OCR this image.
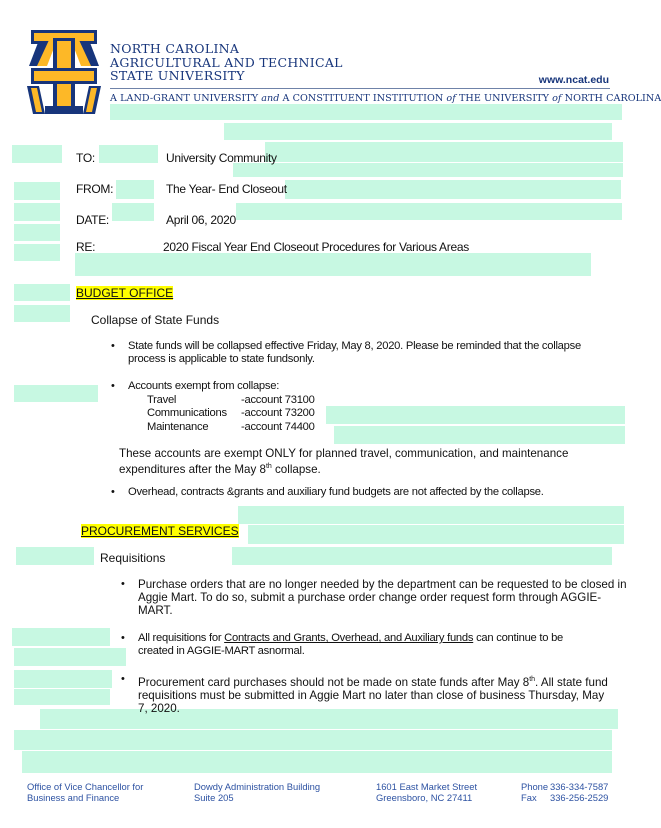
NORTH CAROLINA
AGRICULTURAL AND TECHNICAL
STATE UNIVERSITY	www.ncat.edu
A LAND-GRANT UNIVERSITY and A CONSTITUENT INSTITUTION of THE UNIVERSITY of NORTH CAROLINA
TO:	University Community
FROM:	The Year- End Closeout
DATE:	April 06, 2020
RE:	2020 Fiscal Year End Closeout Procedures for Various Areas
BUDGET OFFICE
Collapse of State Funds
• State funds will be collapsed effective Friday, May 8, 2020. Please be reminded that the collapse
process is applicable to state fundsonly.
• Accounts exempt from collapse:
Travel	-account 73100
Communications -account 73200
Maintenance	-account 74400
These accounts are exempt ONLY for planned travel, communication, and maintenance
expenditures after the May 8th collapse.
• Overhead, contracts &grants and auxiliary fund budgets are not affected by the collapse.
PROCUREMENT SERVICES
Requisitions
• Purchase orders that are no longer needed by the department can be requested to be closed in
Aggie Mart. To do so, submit a purchase order change order request form through AGGIE-
MART.
• All requisitions for Contracts and Grants, Overhead, and Auxiliary funds can continue to be
created in AGGIE-MART asnormal.
• Procurement card purchases should not be made on state funds after May 8th. All state fund
requisitions must be submitted in Aggie Mart no later than close of business Thursday, May
7, 2020.
Office of Vice Chancellor for
Business and Finance
Dowdy Administration Building
Suite 205
1601 East Market Street
Greensboro, NC 27411
Phone 336-334-7587
Fax 336-256-2529
